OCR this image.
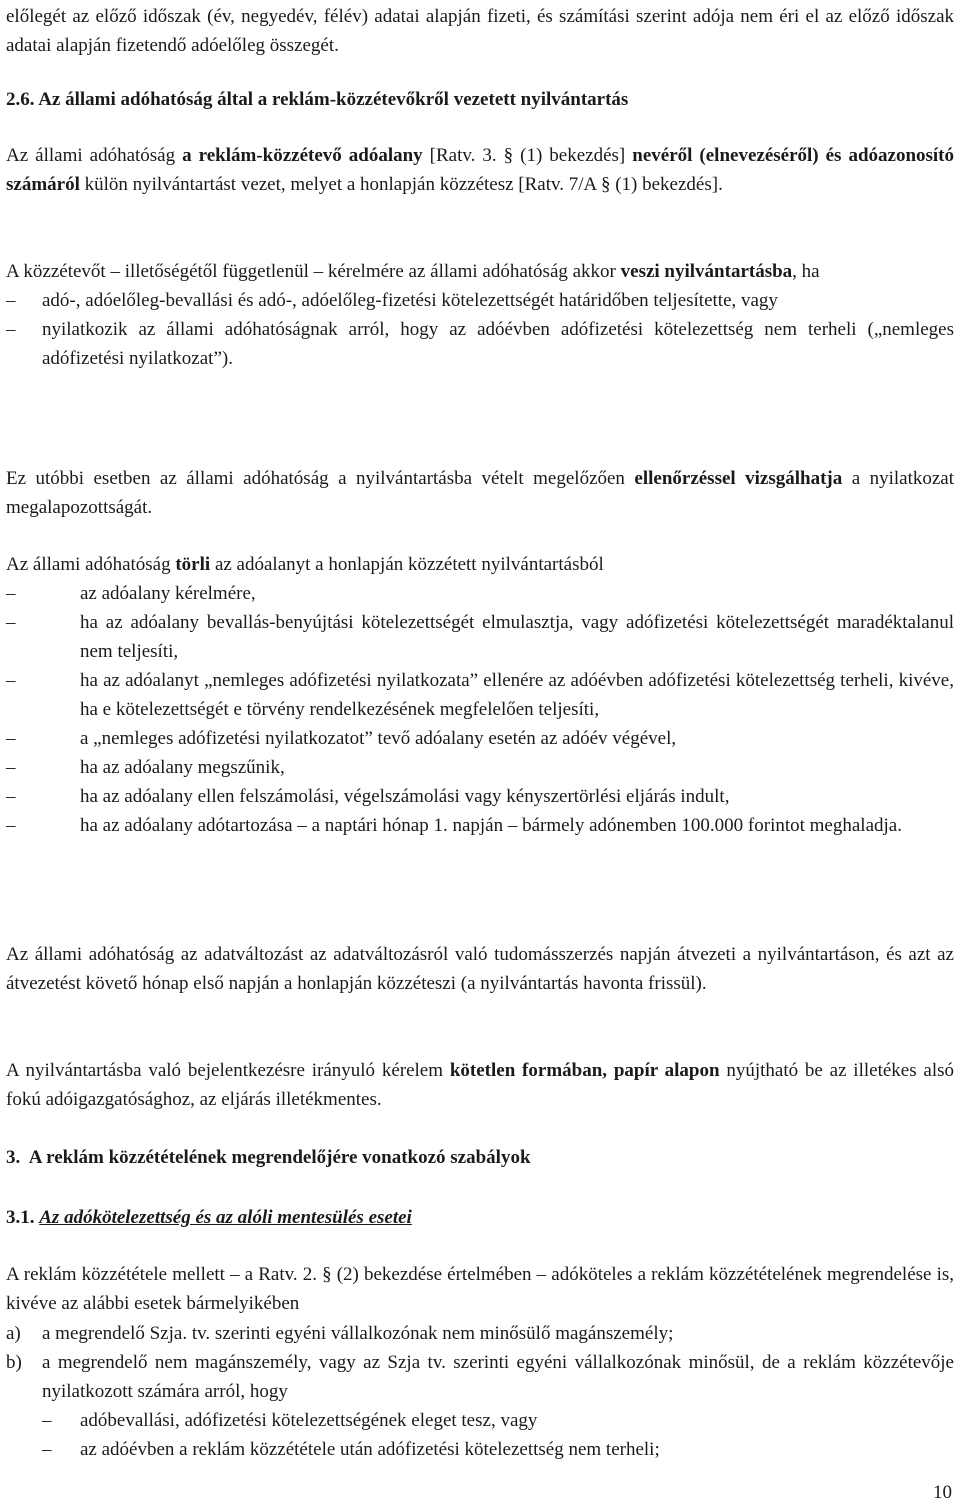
előlegét az előző időszak (év, negyedév, félév) adatai alapján fizeti, és számítási szerint adója nem éri el az előző időszak adatai alapján fizetendő adóelőleg összegét.

2.6. Az állami adóhatóság által a reklám-közzétevőkről vezetett nyilvántartás

Az állami adóhatóság a reklám-közzétevő adóalany [Ratv. 3. § (1) bekezdés] nevéről (elnevezéséről) és adóazonosító számáról külön nyilvántartást vezet, melyet a honlapján közzétesz [Ratv. 7/A § (1) bekezdés].

A közzétevőt – illetőségétől függetlenül – kérelmére az állami adóhatóság akkor veszi nyilvántartásba, ha

– adó-, adóelőleg-bevallási és adó-, adóelőleg-fizetési kötelezettségét határidőben teljesítette, vagy
– nyilatkozik az állami adóhatóságnak arról, hogy az adóévben adófizetési kötelezettség nem terheli („nemleges adófizetési nyilatkozat”).

Ez utóbbi esetben az állami adóhatóság a nyilvántartásba vételt megelőzően ellenőrzéssel vizsgálhatja a nyilatkozat megalapozottságát.

Az állami adóhatóság törli az adóalanyt a honlapján közzétett nyilvántartásból

–	az adóalany kérelmére,
–	ha az adóalany bevallás-benyújtási kötelezettségét elmulasztja, vagy adófizetési kötelezettségét maradéktalanul nem teljesíti,
–	ha az adóalanyt „nemleges adófizetési nyilatkozata” ellenére az adóévben adófizetési kötelezettség terheli, kivéve, ha e kötelezettségét e törvény rendelkezésének megfelelően teljesíti,
–	a „nemleges adófizetési nyilatkozatot” tevő adóalany esetén az adóév végével,
–	ha az adóalany megszűnik,
–	ha az adóalany ellen felszámolási, végelszámolási vagy kényszertörlési eljárás indult,
–	ha az adóalany adótartozása – a naptári hónap 1. napján – bármely adónemben 100.000 forintot meghaladja.

Az állami adóhatóság az adatváltozást az adatváltozásról való tudomásszerzés napján átvezeti a nyilvántartáson, és azt az átvezetést követő hónap első napján a honlapján közzéteszi (a nyilvántartás havonta frissül).

A nyilvántartásba való bejelentkezésre irányuló kérelem kötetlen formában, papír alapon nyújtható be az illetékes alsó fokú adóigazgatósághoz, az eljárás illetékmentes.

3.  A reklám közzétételének megrendelőjére vonatkozó szabályok

3.1. Az adókötelezettség és az alóli mentesülés esetei

A reklám közzététele mellett – a Ratv. 2. § (2) bekezdése értelmében – adóköteles a reklám közzétételének megrendelése is, kivéve az alábbi esetek bármelyikében

a) a megrendelő Szja. tv. szerinti egyéni vállalkozónak nem minősülő magánszemély;
b) a megrendelő nem magánszemély, vagy az Szja tv. szerinti egyéni vállalkozónak minősül, de a reklám közzétevője nyilatkozott számára arról, hogy
– adóbevallási, adófizetési kötelezettségének eleget tesz, vagy
– az adóévben a reklám közzététele után adófizetési kötelezettség nem terheli;
10
